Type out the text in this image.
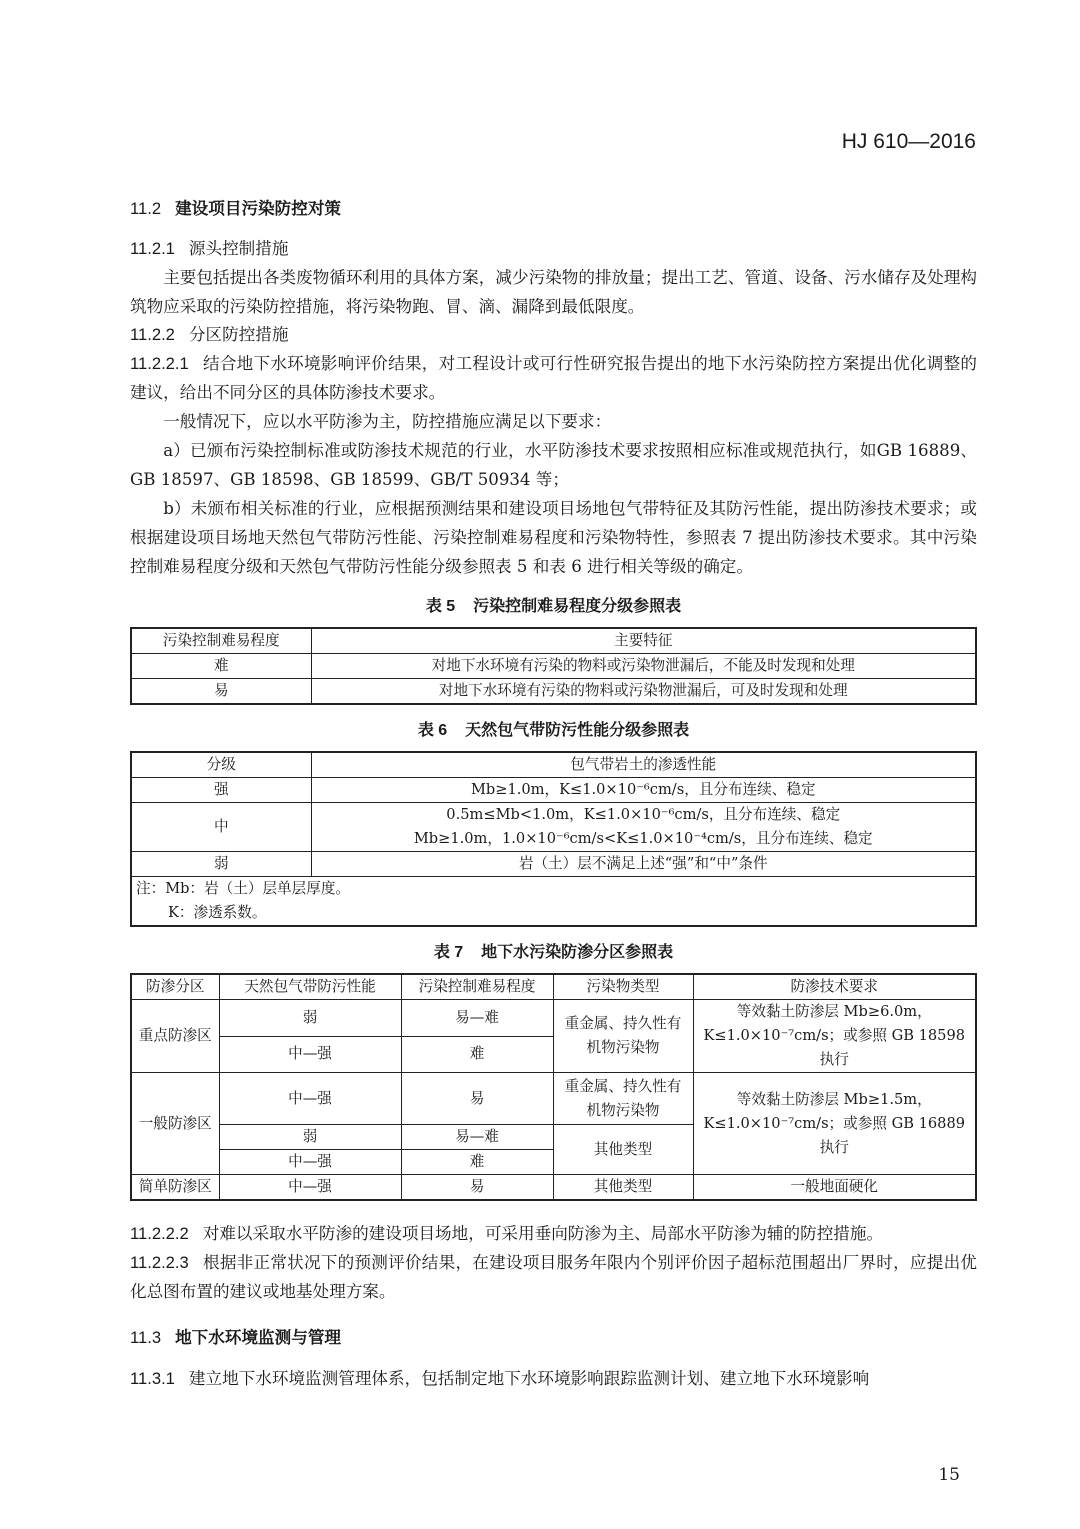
HJ 610—2016
11.2 建设项目污染防控对策
11.2.1 源头控制措施

主要包括提出各类废物循环利用的具体方案，减少污染物的排放量；提出工艺、管道、设备、污水储存及处理构筑物应采取的污染防控措施，将污染物跑、冒、滴、漏降到最低限度。

11.2.2 分区防控措施

11.2.2.1 结合地下水环境影响评价结果，对工程设计或可行性研究报告提出的地下水污染防控方案提出优化调整的建议，给出不同分区的具体防渗技术要求。

一般情况下，应以水平防渗为主，防控措施应满足以下要求：

a）已颁布污染控制标准或防渗技术规范的行业，水平防渗技术要求按照相应标准或规范执行，如GB 16889、GB 18597、GB 18598、GB 18599、GB/T 50934 等；

b）未颁布相关标准的行业，应根据预测结果和建设项目场地包气带特征及其防污性能，提出防渗技术要求；或根据建设项目场地天然包气带防污性能、污染控制难易程度和污染物特性，参照表 7 提出防渗技术要求。其中污染控制难易程度分级和天然包气带防污性能分级参照表 5 和表 6 进行相关等级的确定。

表 5 污染控制难易程度分级参照表
污染控制难易程度	主要特征
难	对地下水环境有污染的物料或污染物泄漏后，不能及时发现和处理
易	对地下水环境有污染的物料或污染物泄漏后，可及时发现和处理
表 6 天然包气带防污性能分级参照表
分级	包气带岩土的渗透性能
强	Mb≥1.0m，K≤1.0×10⁻⁶cm/s，且分布连续、稳定
中	0.5m≤Mb<1.0m，K≤1.0×10⁻⁶cm/s，且分布连续、稳定
Mb≥1.0m，1.0×10⁻⁶cm/s<K≤1.0×10⁻⁴cm/s，且分布连续、稳定

弱	岩（土）层不满足上述“强”和“中”条件

注：Mb：岩（土）层单层厚度。
K：渗透系数。	
表 7 地下水污染防渗分区参照表
防渗分区	天然包气带防污性能	污染控制难易程度	污染物类型	防渗技术要求
重点防渗区	弱	易—难	重金属、持久性有机物污染物	等效黏土防渗层 Mb≥6.0m，K≤1.0×10⁻⁷cm/s；或参照 GB 18598 执行
	中—强	难		
一般防渗区	中—强	易	重金属、持久性有机物污染物	等效黏土防渗层 Mb≥1.5m，K≤1.0×10⁻⁷cm/s；或参照 GB 16889 执行
	弱	易—难	其他类型	
	中—强	难		
简单防渗区	中—强	易	其他类型	一般地面硬化

11.2.2.2 对难以采取水平防渗的建设项目场地，可采用垂向防渗为主、局部水平防渗为辅的防控措施。

11.2.2.3 根据非正常状况下的预测评价结果，在建设项目服务年限内个别评价因子超标范围超出厂界时，应提出优化总图布置的建议或地基处理方案。

11.3 地下水环境监测与管理

11.3.1 建立地下水环境监测管理体系，包括制定地下水环境影响跟踪监测计划、建立地下水环境影响

15
